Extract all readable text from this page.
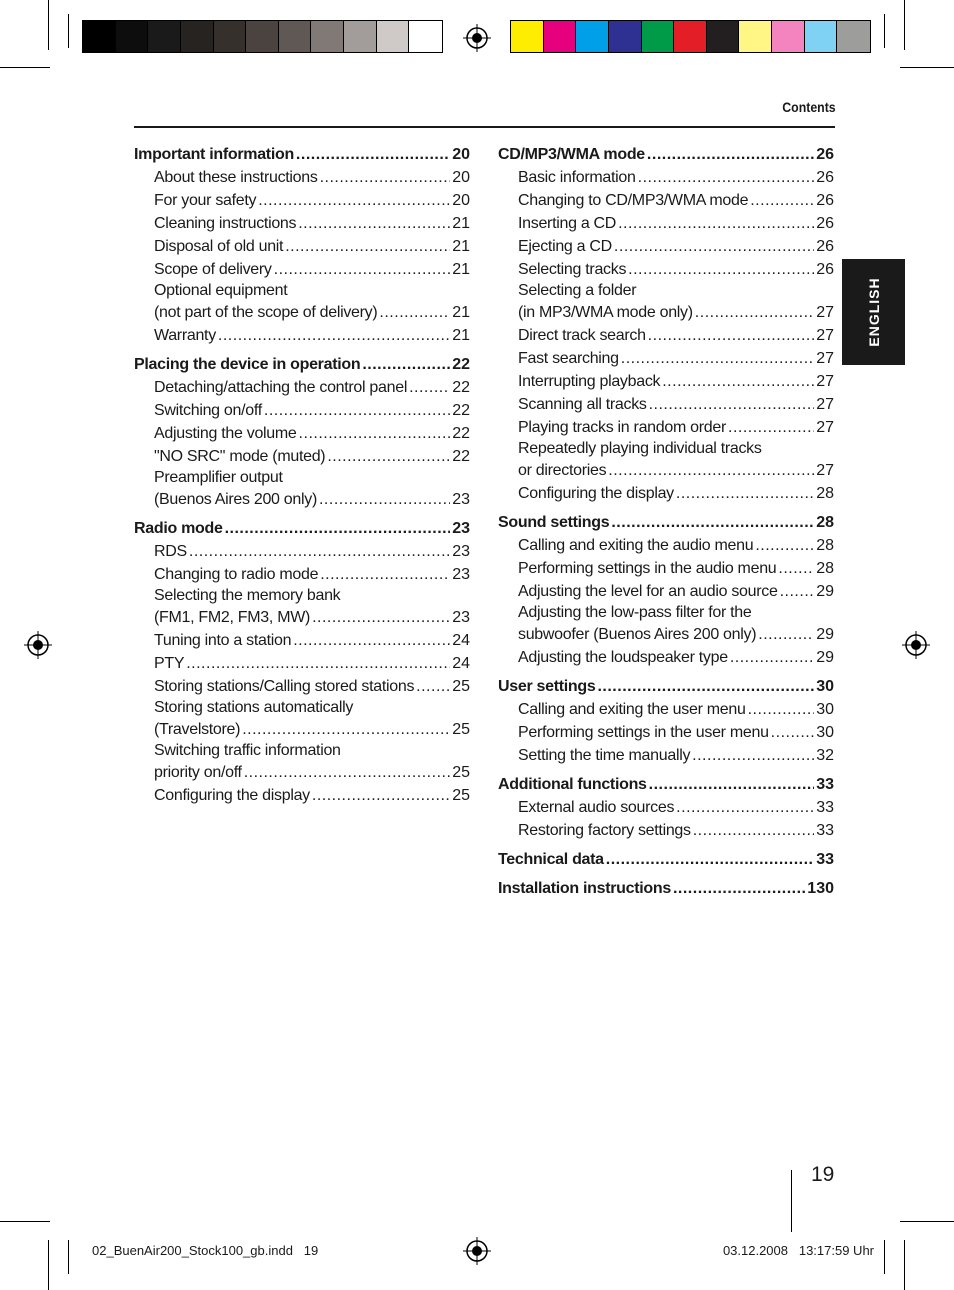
Contents
ENGLISH
Important information .....	20
About these instructions .....	20
For your safety .....	20
Cleaning instructions .....	21
Disposal of old unit .....	21
Scope of delivery .....	21
Optional equipment
(not part of the scope of delivery) .....	21
Warranty .....	21
Placing the device in operation .....	22
Detaching/attaching the control panel .....	22
Switching on/off .....	22
Adjusting the volume .....	22
"NO SRC" mode (muted) .....	22
Preamplifier output
(Buenos Aires 200 only) .....	23
Radio mode .....	23
RDS .....	23
Changing to radio mode .....	23
Selecting the memory bank
(FM1, FM2, FM3, MW) .....	23
Tuning into a station .....	24
PTY .....	24
Storing stations/Calling stored stations ..... 25
Storing stations automatically
(Travelstore) .....	25
Switching traffic information
priority on/off .....	25
Configuring the display .....	25
CD/MP3/WMA mode .....	26
Basic information .....	26
Changing to CD/MP3/WMA mode .....	26
Inserting a CD .....	26
Ejecting a CD .....	26
Selecting tracks .....	26
Selecting a folder
(in MP3/WMA mode only) .....	27
Direct track search .....	27
Fast searching .....	27
Interrupting playback .....	27
Scanning all tracks .....	27
Playing tracks in random order .....	27
Repeatedly playing individual tracks
or directories .....	27
Configuring the display .....	28
Sound settings .....	28
Calling and exiting the audio menu .....	28
Performing settings in the audio menu ..... 28
Adjusting the level for an audio source ..... 29
Adjusting the low-pass filter for the
subwoofer (Buenos Aires 200 only) .....	29
Adjusting the loudspeaker type .....	29
User settings .....	30
Calling and exiting the user menu .....	30
Performing settings in the user menu .....	30
Setting the time manually .....	32
Additional functions .....	33
External audio sources .....	33
Restoring factory settings .....	33
Technical data .....	33
Installation instructions .....	130
19
02_BuenAir200_Stock100_gb.indd   19	03.12.2008   13:17:59 Uhr
